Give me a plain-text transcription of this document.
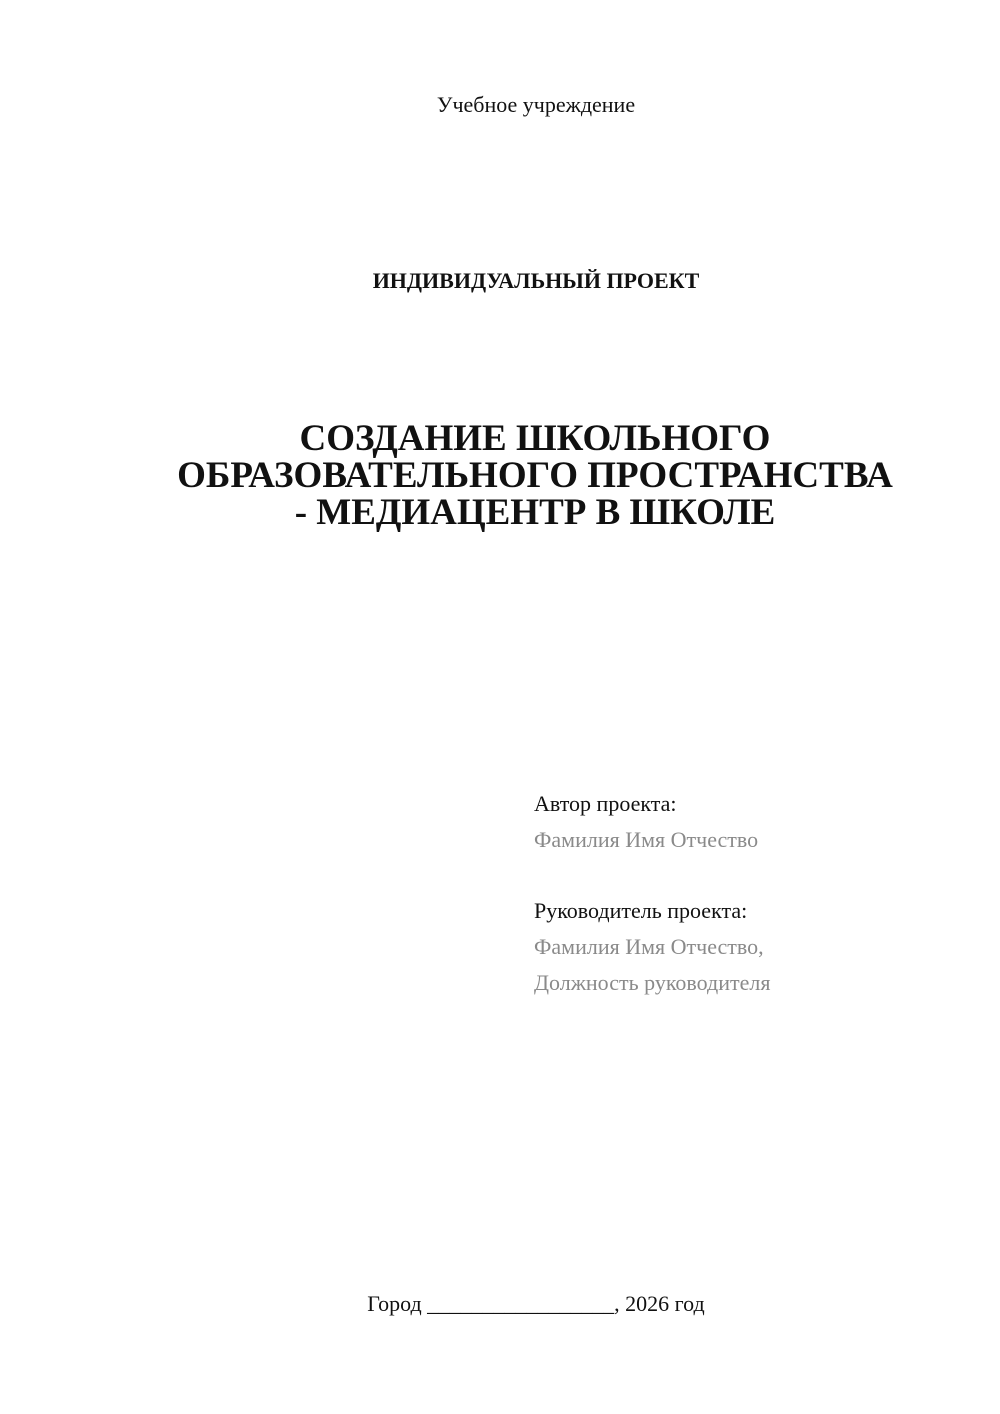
Учебное учреждение
ИНДИВИДУАЛЬНЫЙ ПРОЕКТ
СОЗДАНИЕ ШКОЛЬНОГО
ОБРАЗОВАТЕЛЬНОГО ПРОСТРАНСТВА
- МЕДИАЦЕНТР В ШКОЛЕ
Автор проекта:
Фамилия Имя Отчество
Руководитель проекта:
Фамилия Имя Отчество,
Должность руководителя
Город _________________, 2026 год
